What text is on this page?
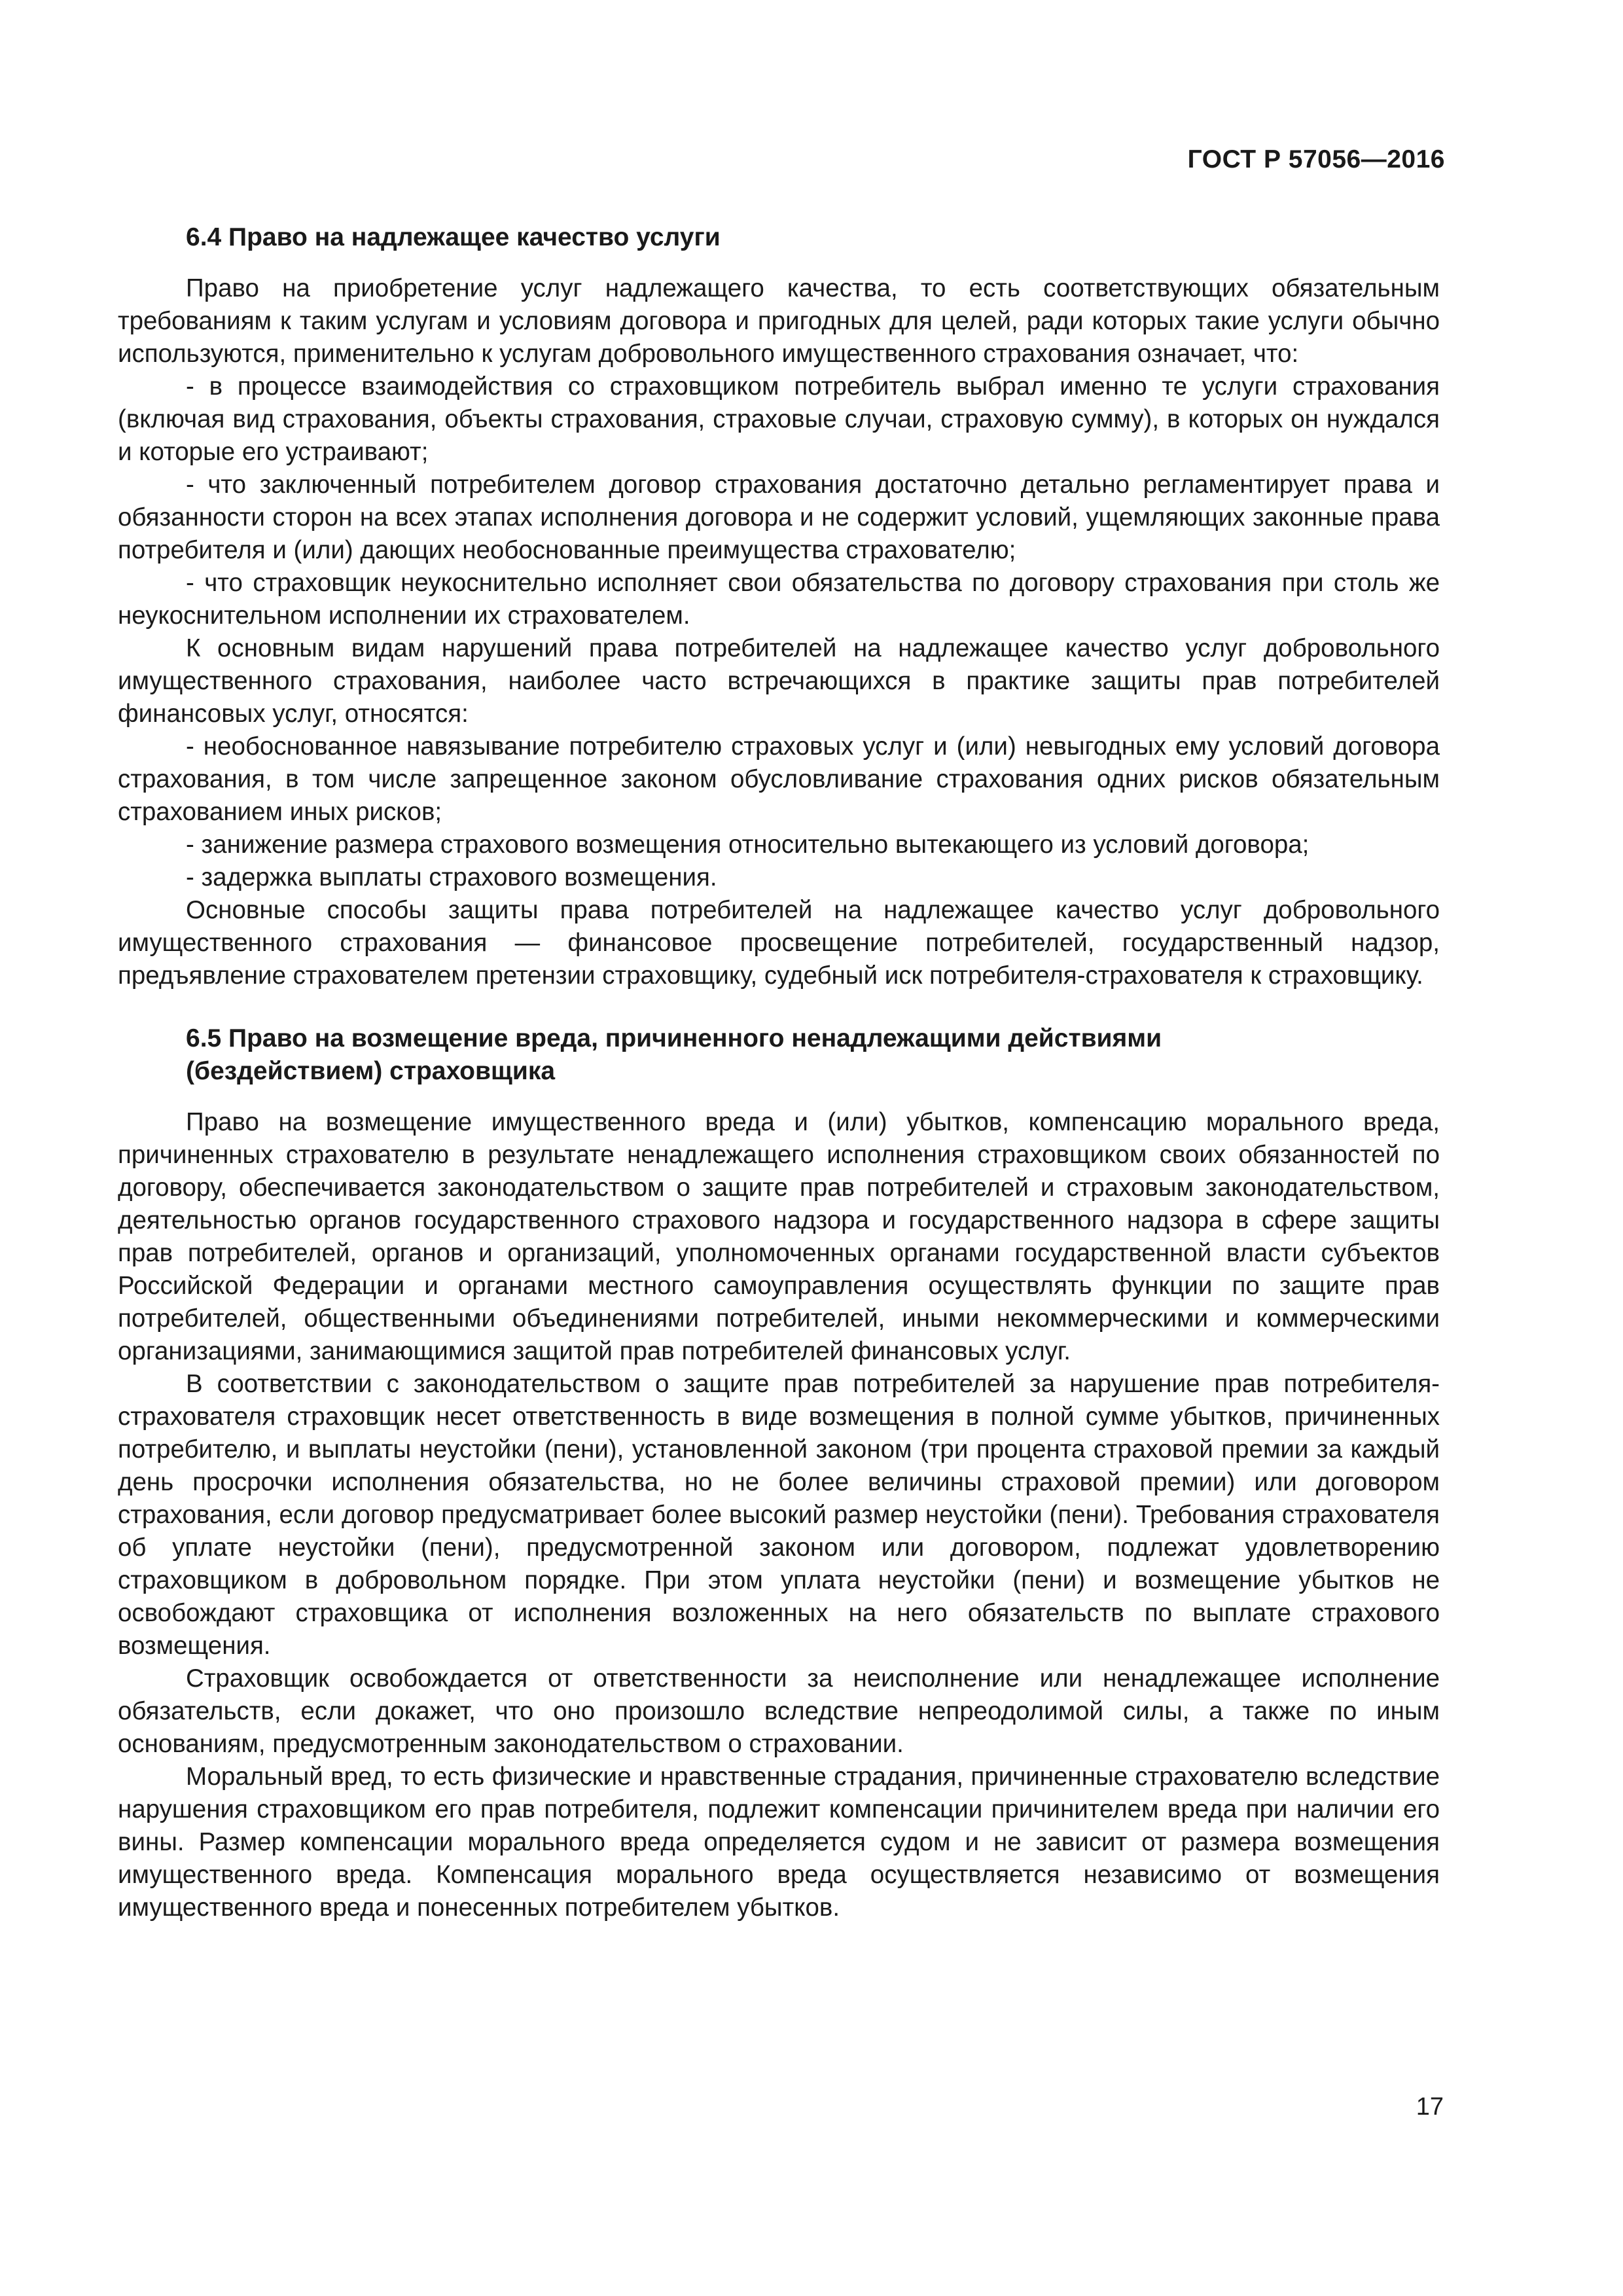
ГОСТ Р 57056—2016
6.4 Право на надлежащее качество услуги

Право на приобретение услуг надлежащего качества, то есть соответствующих обязательным требованиям к таким услугам и условиям договора и пригодных для целей, ради которых такие услуги обычно используются, применительно к услугам добровольного имущественного страхования означает, что:

- в процессе взаимодействия со страховщиком потребитель выбрал именно те услуги страхования (включая вид страхования, объекты страхования, страховые случаи, страховую сумму), в которых он нуждался и которые его устраивают;

- что заключенный потребителем договор страхования достаточно детально регламентирует права и обязанности сторон на всех этапах исполнения договора и не содержит условий, ущемляющих законные права потребителя и (или) дающих необоснованные преимущества страхователю;

- что страховщик неукоснительно исполняет свои обязательства по договору страхования при столь же неукоснительном исполнении их страхователем.

К основным видам нарушений права потребителей на надлежащее качество услуг добровольного имущественного страхования, наиболее часто встречающихся в практике защиты прав потребителей финансовых услуг, относятся:

- необоснованное навязывание потребителю страховых услуг и (или) невыгодных ему условий договора страхования, в том числе запрещенное законом обусловливание страхования одних рисков обязательным страхованием иных рисков;

- занижение размера страхового возмещения относительно вытекающего из условий договора;

- задержка выплаты страхового возмещения.

Основные способы защиты права потребителей на надлежащее качество услуг добровольного имущественного страхования — финансовое просвещение потребителей, государственный надзор, предъявление страхователем претензии страховщику, судебный иск потребителя-страхователя к страховщику.

6.5 Право на возмещение вреда, причиненного ненадлежащими действиями (бездействием) страховщика

Право на возмещение имущественного вреда и (или) убытков, компенсацию морального вреда, причиненных страхователю в результате ненадлежащего исполнения страховщиком своих обязанностей по договору, обеспечивается законодательством о защите прав потребителей и страховым законодательством, деятельностью органов государственного страхового надзора и государственного надзора в сфере защиты прав потребителей, органов и организаций, уполномоченных органами государственной власти субъектов Российской Федерации и органами местного самоуправления осуществлять функции по защите прав потребителей, общественными объединениями потребителей, иными некоммерческими и коммерческими организациями, занимающимися защитой прав потребителей финансовых услуг.

В соответствии с законодательством о защите прав потребителей за нарушение прав потребителя-страхователя страховщик несет ответственность в виде возмещения в полной сумме убытков, причиненных потребителю, и выплаты неустойки (пени), установленной законом (три процента страховой премии за каждый день просрочки исполнения обязательства, но не более величины страховой премии) или договором страхования, если договор предусматривает более высокий размер неустойки (пени). Требования страхователя об уплате неустойки (пени), предусмотренной законом или договором, подлежат удовлетворению страховщиком в добровольном порядке. При этом уплата неустойки (пени) и возмещение убытков не освобождают страховщика от исполнения возложенных на него обязательств по выплате страхового возмещения.

Страховщик освобождается от ответственности за неисполнение или ненадлежащее исполнение обязательств, если докажет, что оно произошло вследствие непреодолимой силы, а также по иным основаниям, предусмотренным законодательством о страховании.

Моральный вред, то есть физические и нравственные страдания, причиненные страхователю вследствие нарушения страховщиком его прав потребителя, подлежит компенсации причинителем вреда при наличии его вины. Размер компенсации морального вреда определяется судом и не зависит от размера возмещения имущественного вреда. Компенсация морального вреда осуществляется независимо от возмещения имущественного вреда и понесенных потребителем убытков.

17
